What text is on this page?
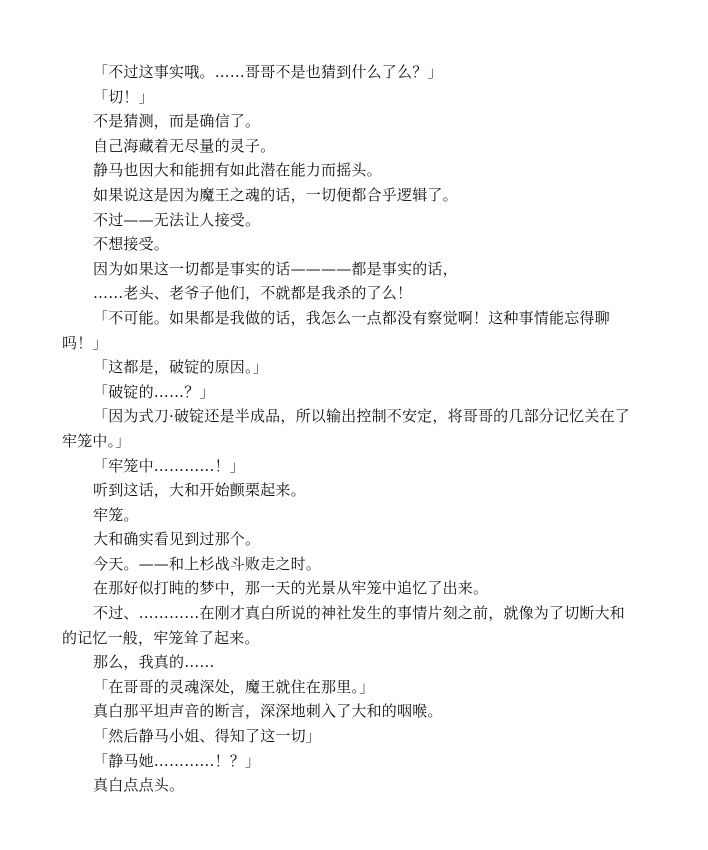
「不过这事实哦。……哥哥不是也猜到什么了么？」

「切！」

不是猜测，而是确信了。

自己海藏着无尽量的灵子。

静马也因大和能拥有如此潜在能力而摇头。

如果说这是因为魔王之魂的话，一切便都合乎逻辑了。

不过——无法让人接受。

不想接受。

因为如果这一切都是事实的话————都是事实的话，

……老头、老爷子他们，不就都是我杀的了么！

「不可能。如果都是我做的话，我怎么一点都没有察觉啊！这种事情能忘得聊吗！」

「这都是，破锭的原因。」

「破锭的……？」

「因为式刀·破锭还是半成品，所以输出控制不安定，将哥哥的几部分记忆关在了牢笼中。」

「牢笼中…………！」

听到这话，大和开始颤栗起来。

牢笼。

大和确实看见到过那个。

今天。——和上杉战斗败走之时。

在那好似打盹的梦中，那一天的光景从牢笼中追忆了出来。

不过、…………在刚才真白所说的神社发生的事情片刻之前，就像为了切断大和的记忆一般，牢笼耸了起来。

那么，我真的……

「在哥哥的灵魂深处，魔王就住在那里。」

真白那平坦声音的断言，深深地刺入了大和的咽喉。

「然后静马小姐、得知了这一切」

「静马她…………！？」

真白点点头。
